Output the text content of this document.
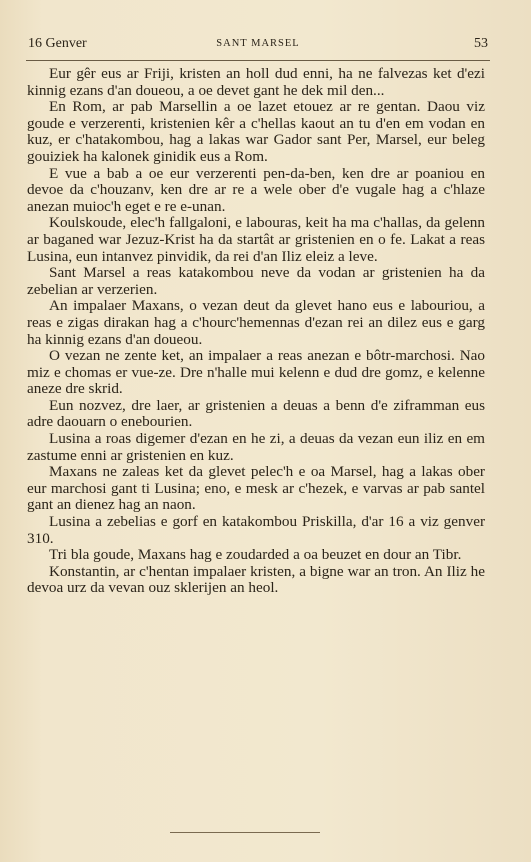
16 Genver	SANT MARSEL	53

Eur gêr eus ar Friji, kristen an holl dud enni, ha ne falvezas ket d'ezi kinnig ezans d'an doueou, a oe devet gant he dek mil den...

En Rom, ar pab Marsellin a oe lazet etouez ar re gentan. Daou viz goude e verzerenti, kristenien kêr a c'hellas kaout an tu d'en em vodan en kuz, er c'hatakombou, hag a lakas war Gador sant Per, Marsel, eur beleg gouiziek ha kalonek ginidik eus a Rom.

E vue a bab a oe eur verzerenti pen-da-ben, ken dre ar poaniou en devoe da c'houzanv, ken dre ar re a wele ober d'e vugale hag a c'hlaze anezan muioc'h eget e re e-unan.

Koulskoude, elec'h fallgaloni, e labouras, keit ha ma c'hallas, da gelenn ar baganed war Jezuz-Krist ha da startât ar gristenien en o fe. Lakat a reas Lusina, eun intanvez pinvidik, da rei d'an Iliz eleiz a leve.

Sant Marsel a reas katakombou neve da vodan ar gristenien ha da zebelian ar verzerien.

An impalaer Maxans, o vezan deut da glevet hano eus e labouriou, a reas e zigas dirakan hag a c'hourc'hemennas d'ezan rei an dilez eus e garg ha kinnig ezans d'an doueou.

O vezan ne zente ket, an impalaer a reas anezan e bôtr-marchosi. Nao miz e chomas er vue-ze. Dre n'halle mui kelenn e dud dre gomz, e kelenne aneze dre skrid.

Eun nozvez, dre laer, ar gristenien a deuas a benn d'e ziframman eus adre daouarn o enebourien.

Lusina a roas digemer d'ezan en he zi, a deuas da vezan eun iliz en em zastume enni ar gristenien en kuz.

Maxans ne zaleas ket da glevet pelec'h e oa Marsel, hag a lakas ober eur marchosi gant ti Lusina; eno, e mesk ar c'hezek, e varvas ar pab santel gant an dienez hag an naon.

Lusina a zebelias e gorf en katakombou Priskilla, d'ar 16 a viz genver 310.

Tri bla goude, Maxans hag e zoudarded a oa beuzet en dour an Tibr.

Konstantin, ar c'hentan impalaer kristen, a bigne war an tron. An Iliz he devoa urz da vevan ouz sklerijen an heol.
